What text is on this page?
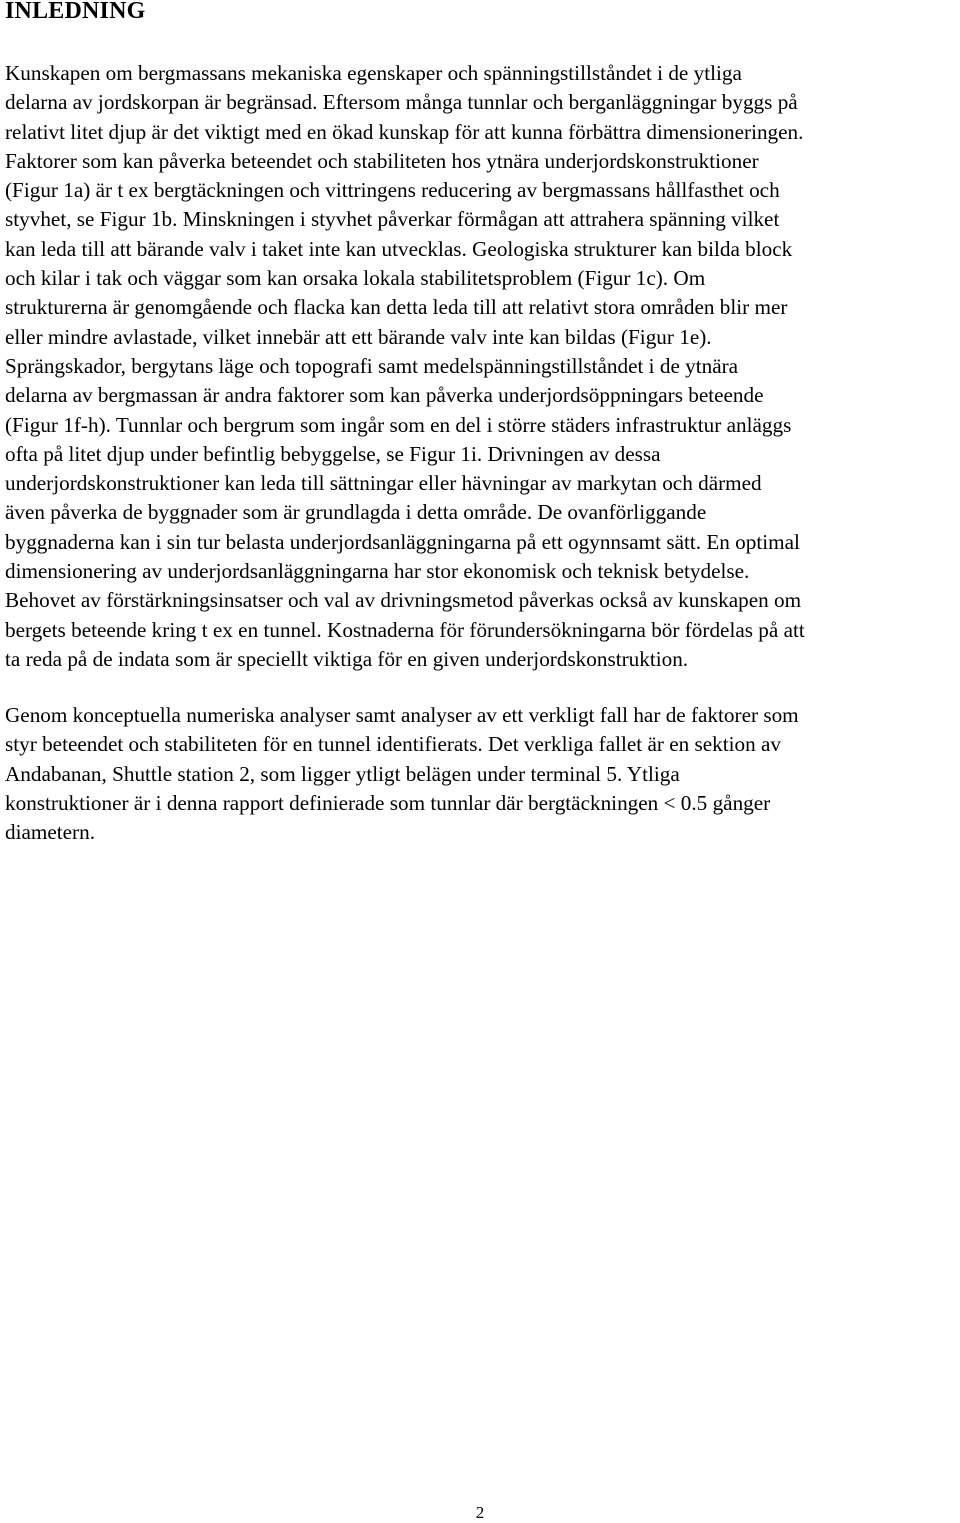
INLEDNING

Kunskapen om bergmassans mekaniska egenskaper och spänningstillståndet i de ytliga
delarna av jordskorpan är begränsad. Eftersom många tunnlar och berganläggningar byggs på
relativt litet djup är det viktigt med en ökad kunskap för att kunna förbättra dimensioneringen.
Faktorer som kan påverka beteendet och stabiliteten hos ytnära underjordskonstruktioner
(Figur 1a) är t ex bergtäckningen och vittringens reducering av bergmassans hållfasthet och
styvhet, se Figur 1b. Minskningen i styvhet påverkar förmågan att attrahera spänning vilket
kan leda till att bärande valv i taket inte kan utvecklas. Geologiska strukturer kan bilda block
och kilar i tak och väggar som kan orsaka lokala stabilitetsproblem (Figur 1c). Om
strukturerna är genomgående och flacka kan detta leda till att relativt stora områden blir mer
eller mindre avlastade, vilket innebär att ett bärande valv inte kan bildas (Figur 1e).
Sprängskador, bergytans läge och topografi samt medelspänningstillståndet i de ytnära
delarna av bergmassan är andra faktorer som kan påverka underjordsöppningars beteende
(Figur 1f-h). Tunnlar och bergrum som ingår som en del i större städers infrastruktur anläggs
ofta på litet djup under befintlig bebyggelse, se Figur 1i. Drivningen av dessa
underjordskonstruktioner kan leda till sättningar eller hävningar av markytan och därmed
även påverka de byggnader som är grundlagda i detta område. De ovanförliggande
byggnaderna kan i sin tur belasta underjordsanläggningarna på ett ogynnsamt sätt. En optimal
dimensionering av underjordsanläggningarna har stor ekonomisk och teknisk betydelse.
Behovet av förstärkningsinsatser och val av drivningsmetod påverkas också av kunskapen om
bergets beteende kring t ex en tunnel. Kostnaderna för förundersökningarna bör fördelas på att
ta reda på de indata som är speciellt viktiga för en given underjordskonstruktion.

Genom konceptuella numeriska analyser samt analyser av ett verkligt fall har de faktorer som
styr beteendet och stabiliteten för en tunnel identifierats. Det verkliga fallet är en sektion av
Andabanan, Shuttle station 2, som ligger ytligt belägen under terminal 5. Ytliga
konstruktioner är i denna rapport definierade som tunnlar där bergtäckningen < 0.5 gånger
diametern.

2
